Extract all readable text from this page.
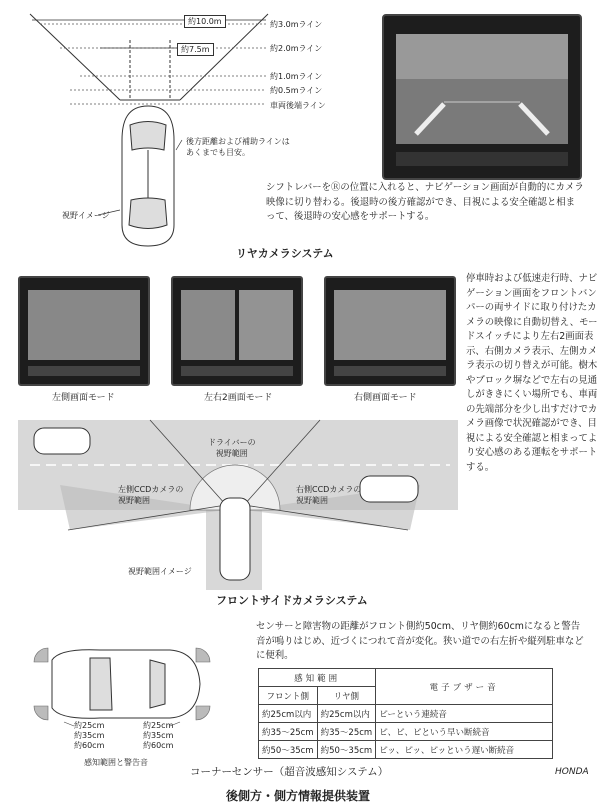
約10.0m
約7.5m
約3.0mライン
約2.0mライン
約1.0mライン
約0.5mライン
車両後端ライン
後方距離および補助ラインは
あくまでも目安。
視野イメージ
シフトレバーをⓇの位置に入れると、ナビゲーション画面が自動的にカメラ映像に切り替わる。後退時の後方確認ができ、目視による安全確認と相まって、後退時の安心感をサポートする。
リヤカメラシステム
左側画面モード	左右2画面モード	右側画面モード
停車時および低速走行時、ナビゲーション画面をフロントバンパーの両サイドに取り付けたカメラの映像に自動切替え、モードスイッチにより左右2画面表示、右側カメラ表示、左側カメラ表示の切り替えが可能。樹木やブロック塀などで左右の見通しがききにくい場所でも、車両の先端部分を少し出すだけでカメラ画像で状況確認ができ、目視による安全確認と相まってより安心感のある運転をサポートする。
ドライバーの
視野範囲
左側CCDカメラの
視野範囲
右側CCDカメラの
視野範囲
視野範囲イメージ
フロントサイドカメラシステム
約25cm
約35cm
約60cm
約25cm
約35cm
約60cm
感知範囲と警告音
センサーと障害物の距離がフロント側約50cm、リヤ側約60cmになると警告音が鳴りはじめ、近づくにつれて音が変化。狭い道での右左折や縦列駐車などに便利。
感知範囲		電子ブザー音
フロント側	リヤ側	
約25cm以内	約25cm以内	ピーという連続音
約35～25cm	約35～25cm	ピ、ピ、ピという早い断続音
約50～35cm	約50～35cm	ピッ、ピッ、ピッという遅い断続音
コーナーセンサー（超音波感知システム）	HONDA
後側方・側方情報提供装置
